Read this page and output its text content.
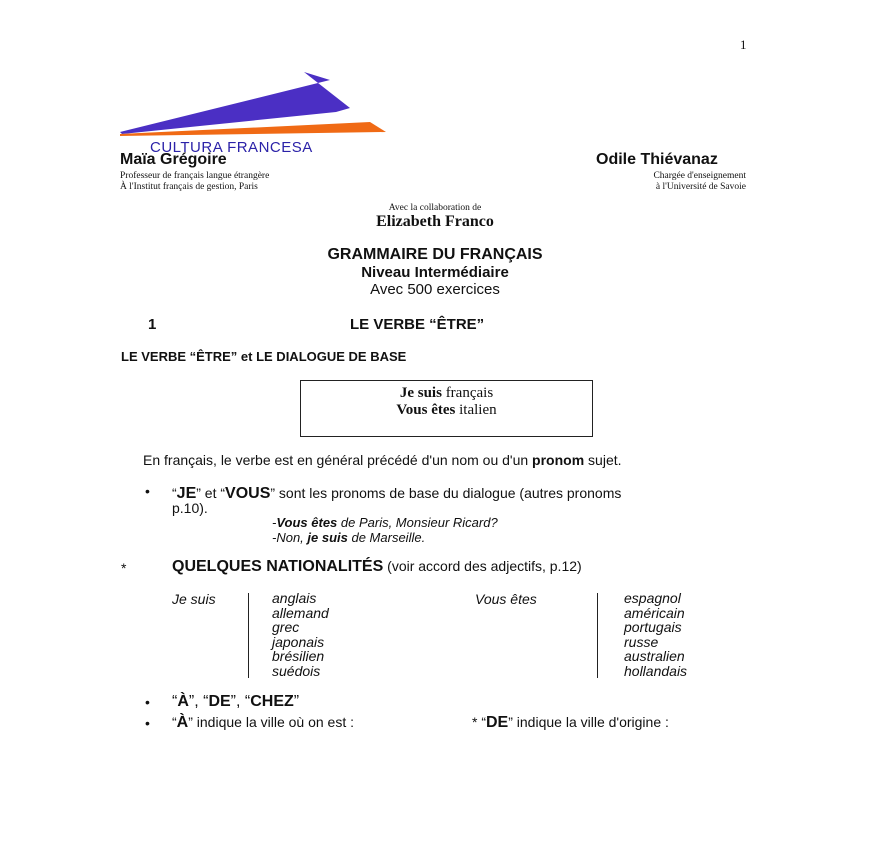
1
CULTURA FRANCESA
Maïa Grégoire
Professeur de français langue étrangère
À l'Institut français de gestion, Paris
Odile Thiévanaz
Chargée d'enseignement
à l'Université de Savoie
Avec la collaboration de
Elizabeth Franco
GRAMMAIRE DU FRANÇAIS
Niveau Intermédiaire
Avec 500 exercices
1	LE VERBE “ÊTRE”
LE VERBE “ÊTRE” et LE DIALOGUE DE BASE
Je suis français
Vous êtes italien
En français, le verbe est en général précédé d'un nom ou d'un pronom sujet.
• “JE” et “VOUS” sont les pronoms de base du dialogue (autres pronoms
p.10).
-Vous êtes de Paris, Monsieur Ricard?
-Non, je suis de Marseille.
*	QUELQUES NATIONALITÉS (voir accord des adjectifs, p.12)
Je suis	anglais
allemand
grec
japonais
brésilien
suédois
Vous êtes	espagnol
américain
portugais
russe
australien
hollandais
• “À”, “DE”, “CHEZ”
• “À” indique la ville où on est :	* “DE” indique la ville d'origine :
